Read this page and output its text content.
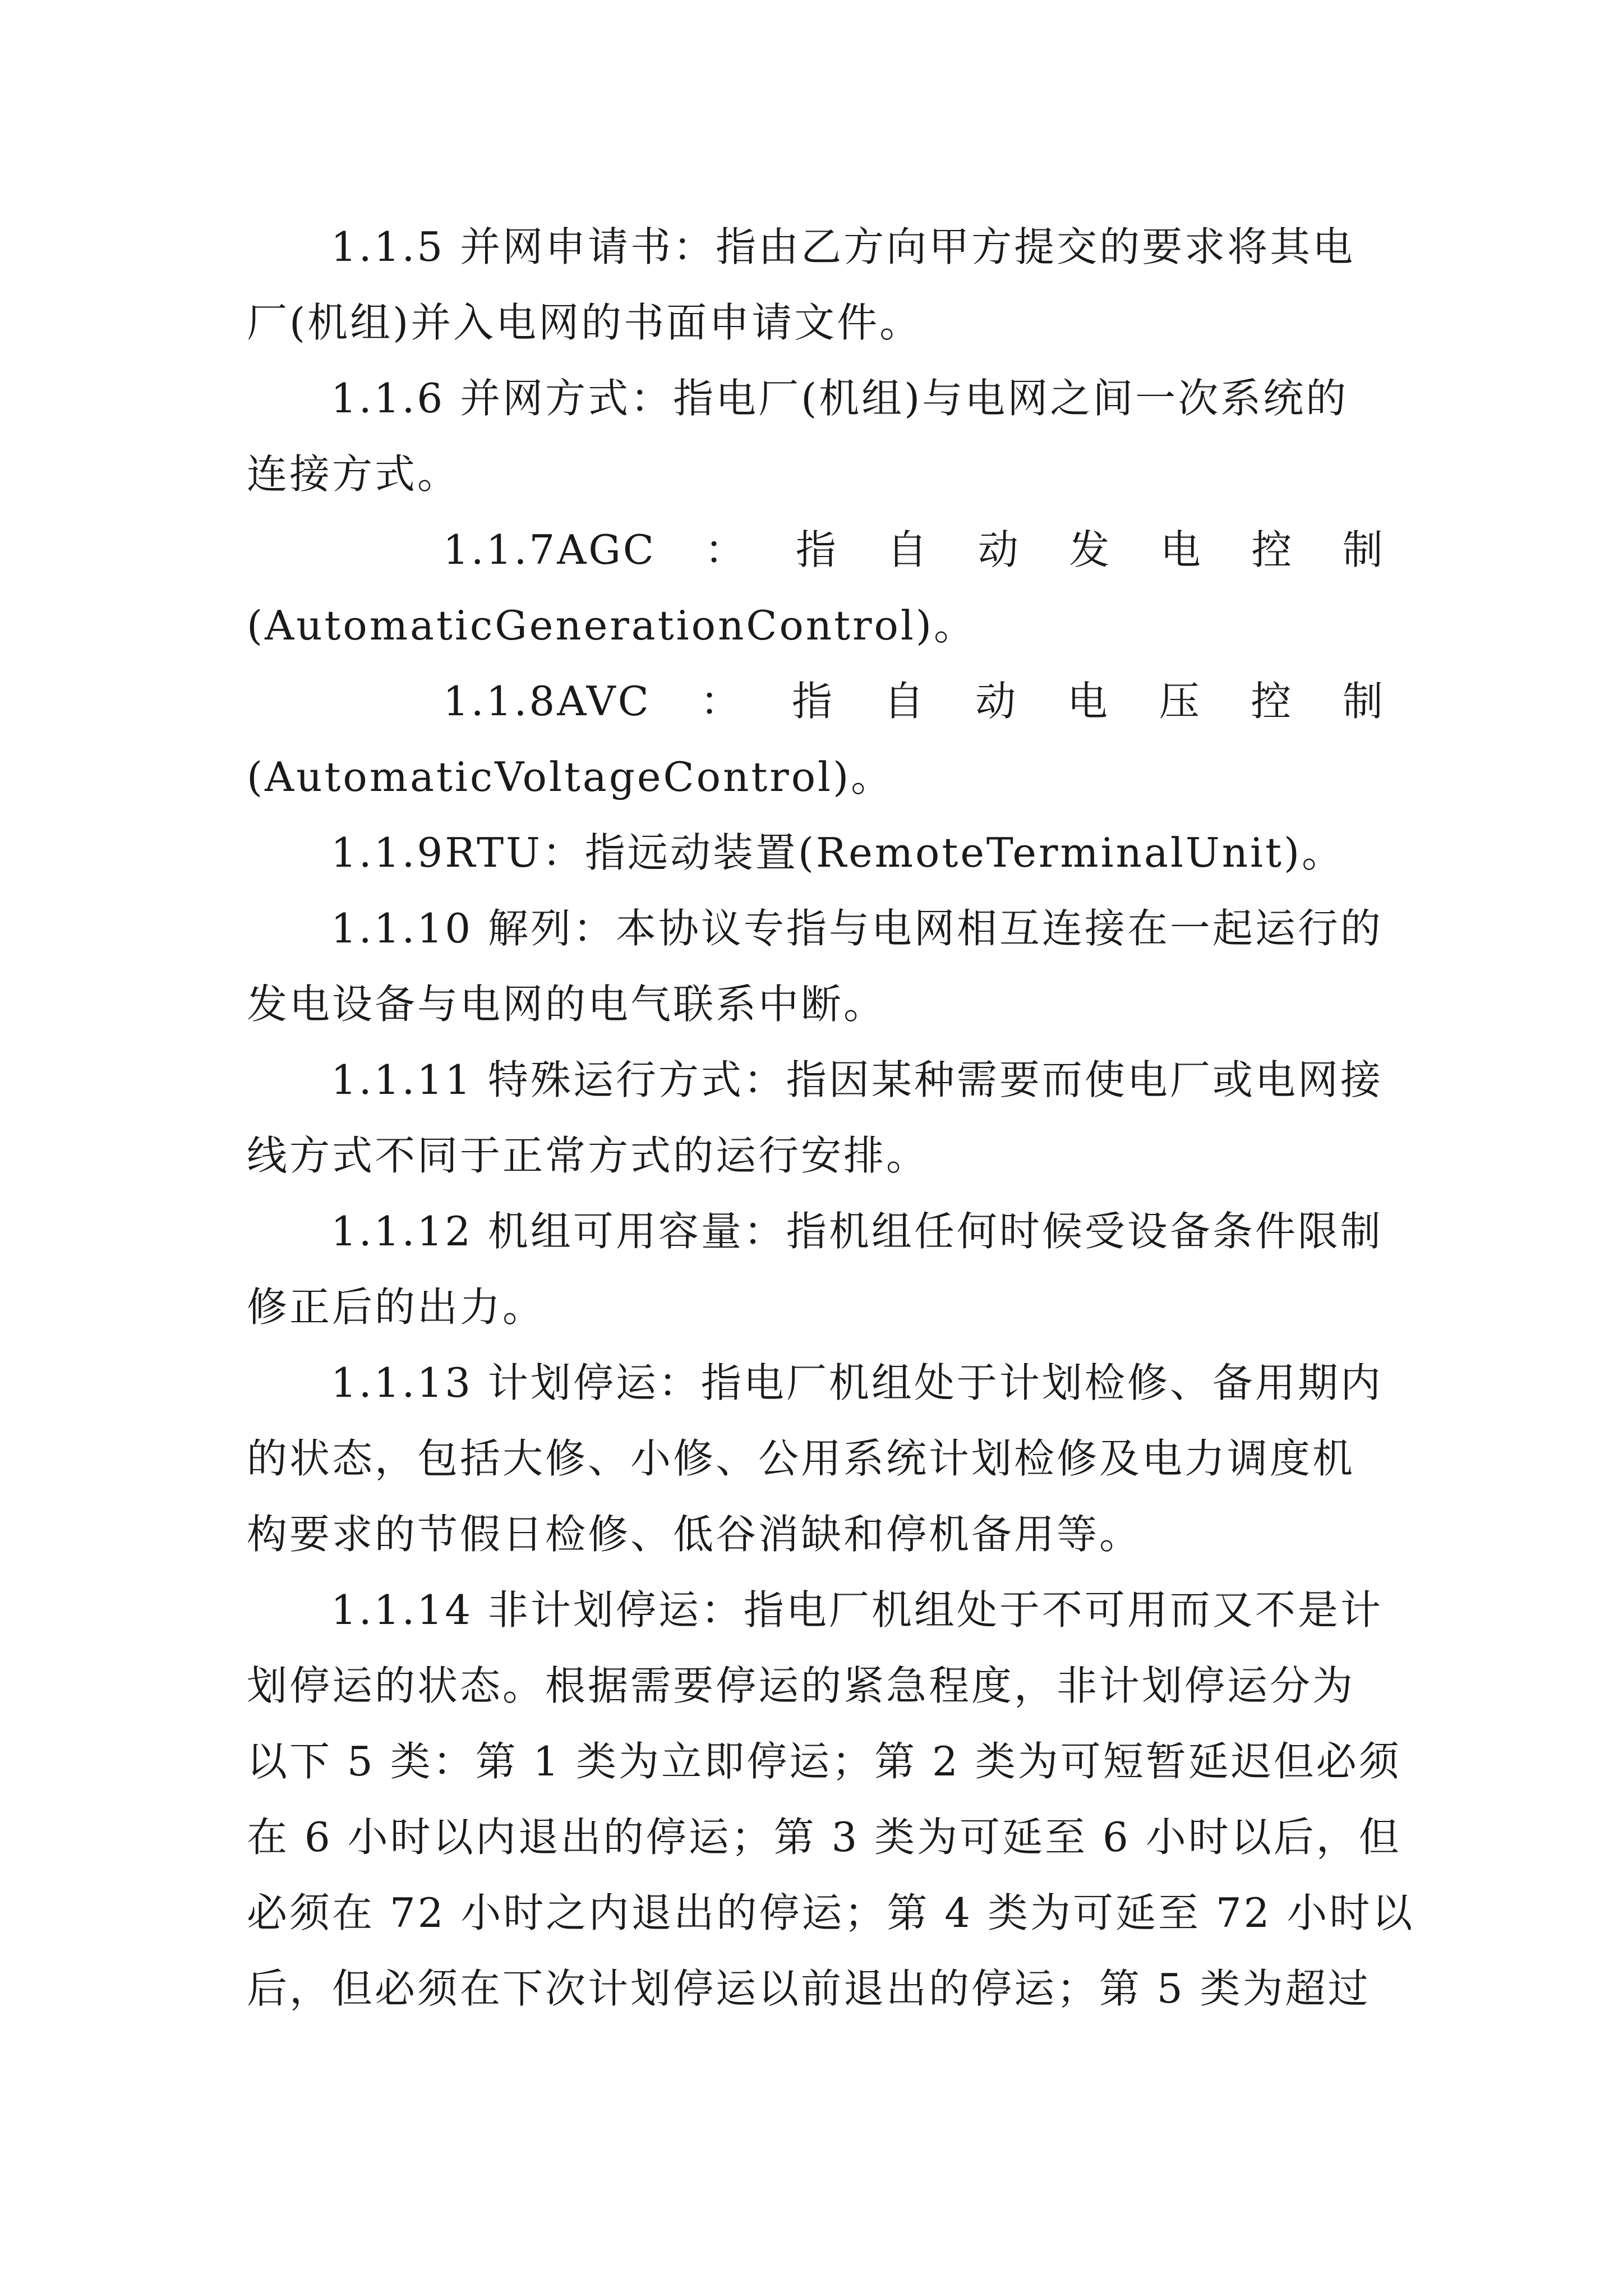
1.1.5 并网申请书：指由乙方向甲方提交的要求将其电
厂(机组)并入电网的书面申请文件。
1.1.6 并网方式：指电厂(机组)与电网之间一次系统的
连接方式。
1.1.7AGC ： 指 自 动 发 电 控 制
(AutomaticGenerationControl)。
1.1.8AVC ： 指 自 动 电 压 控 制
(AutomaticVoltageControl)。
1.1.9RTU：指远动装置(RemoteTerminalUnit)。
1.1.10 解列：本协议专指与电网相互连接在一起运行的
发电设备与电网的电气联系中断。
1.1.11 特殊运行方式：指因某种需要而使电厂或电网接
线方式不同于正常方式的运行安排。
1.1.12 机组可用容量：指机组任何时候受设备条件限制
修正后的出力。
1.1.13 计划停运：指电厂机组处于计划检修、备用期内
的状态，包括大修、小修、公用系统计划检修及电力调度机
构要求的节假日检修、低谷消缺和停机备用等。
1.1.14 非计划停运：指电厂机组处于不可用而又不是计
划停运的状态。根据需要停运的紧急程度，非计划停运分为
以下 5 类：第 1 类为立即停运；第 2 类为可短暂延迟但必须
在 6 小时以内退出的停运；第 3 类为可延至 6 小时以后，但
必须在 72 小时之内退出的停运；第 4 类为可延至 72 小时以
后，但必须在下次计划停运以前退出的停运；第 5 类为超过
